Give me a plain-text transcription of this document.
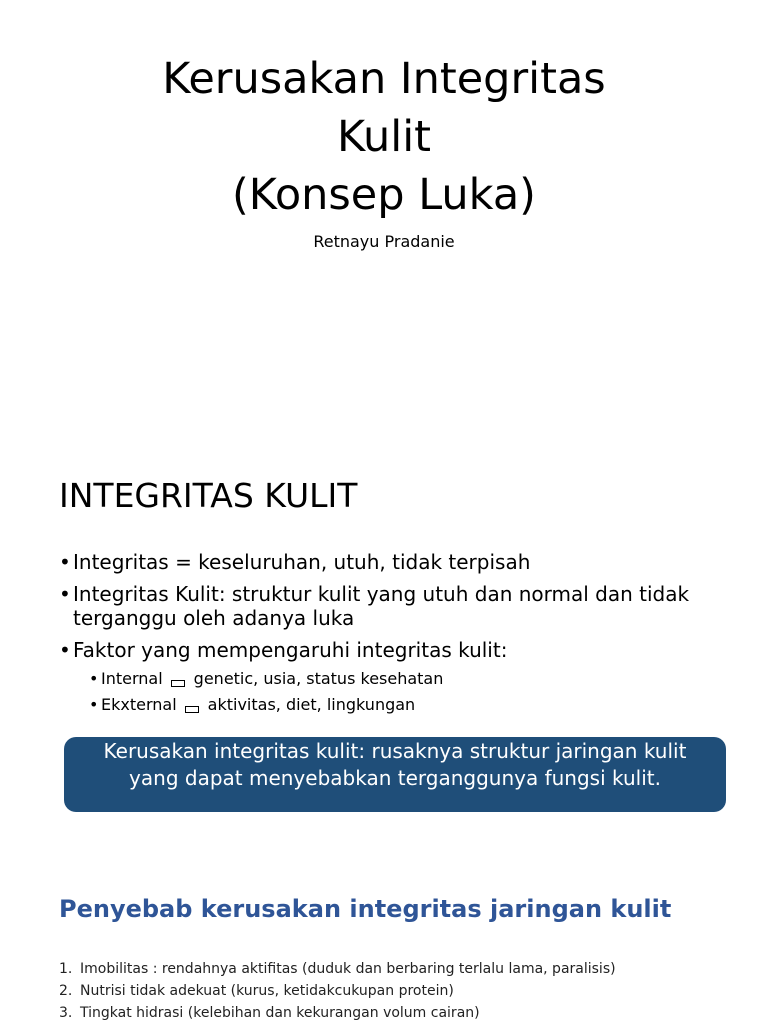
Kerusakan Integritas
Kulit
(Konsep Luka)
Retnayu Pradanie
INTEGRITAS KULIT
• Integritas = keseluruhan, utuh, tidak terpisah
• Integritas Kulit: struktur kulit yang utuh dan normal dan tidak terganggu oleh adanya luka
• Faktor yang mempengaruhi integritas kulit:
• Internal genetic, usia, status kesehatan
• Ekxternal aktivitas, diet, lingkungan
Kerusakan integritas kulit: rusaknya struktur jaringan kulit yang dapat menyebabkan terganggunya fungsi kulit.
Penyebab kerusakan integritas jaringan kulit
1. Imobilitas : rendahnya aktifitas (duduk dan berbaring terlalu lama, paralisis)
2. Nutrisi tidak adekuat (kurus, ketidakcukupan protein)
3. Tingkat hidrasi (kelebihan dan kekurangan volum cairan)
